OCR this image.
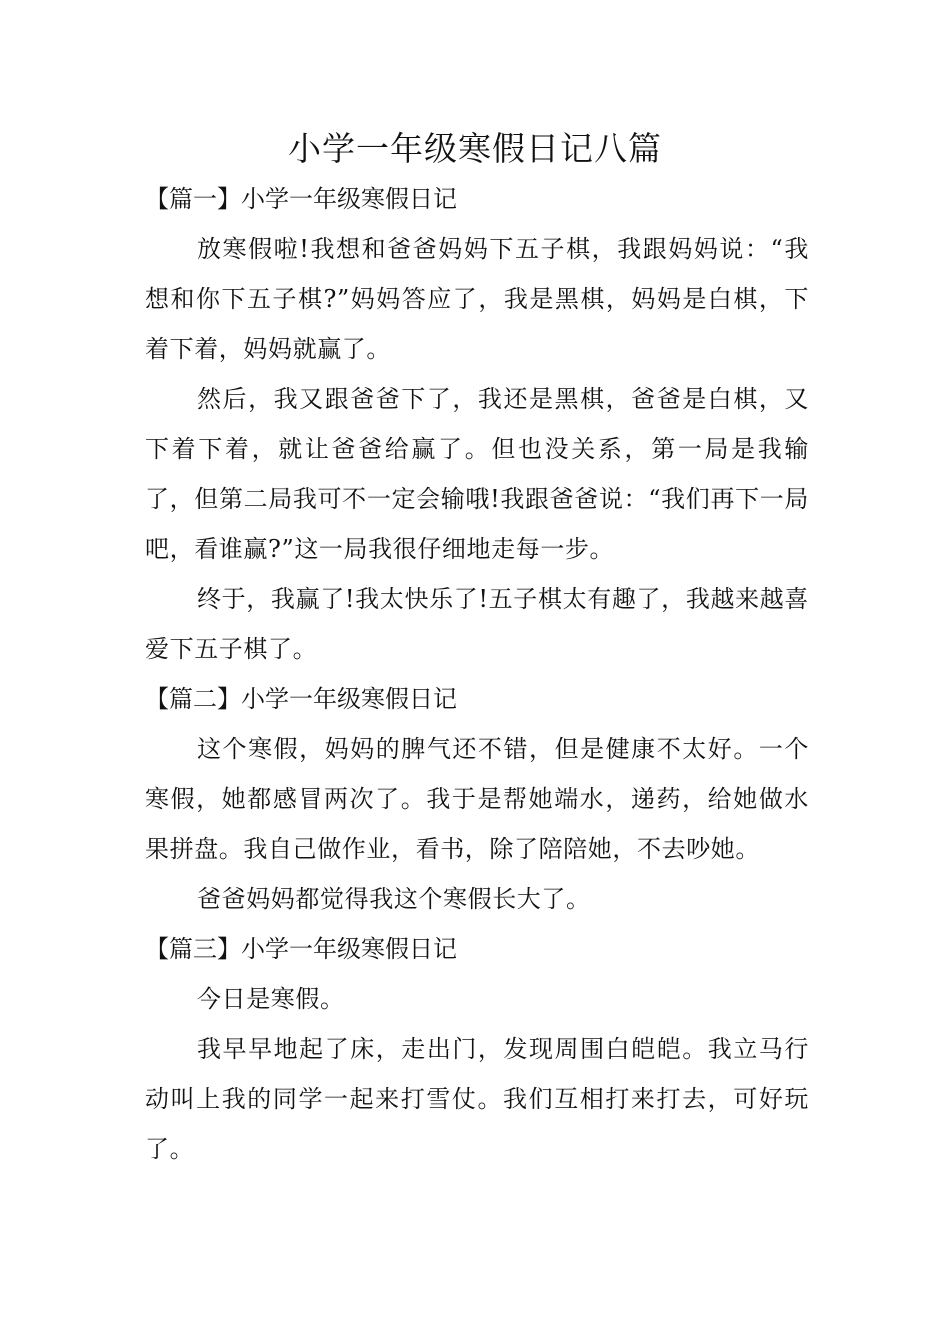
小学一年级寒假日记八篇
【篇一】小学一年级寒假日记

放寒假啦!我想和爸爸妈妈下五子棋，我跟妈妈说：“我想和你下五子棋?”妈妈答应了，我是黑棋，妈妈是白棋，下着下着，妈妈就赢了。

然后，我又跟爸爸下了，我还是黑棋，爸爸是白棋，又下着下着，就让爸爸给赢了。但也没关系，第一局是我输了，但第二局我可不一定会输哦!我跟爸爸说：“我们再下一局吧，看谁赢?”这一局我很仔细地走每一步。

终于，我赢了!我太快乐了!五子棋太有趣了，我越来越喜爱下五子棋了。

【篇二】小学一年级寒假日记

这个寒假，妈妈的脾气还不错，但是健康不太好。一个寒假，她都感冒两次了。我于是帮她端水，递药，给她做水果拼盘。我自己做作业，看书，除了陪陪她，不去吵她。

爸爸妈妈都觉得我这个寒假长大了。

【篇三】小学一年级寒假日记

今日是寒假。

我早早地起了床，走出门，发现周围白皑皑。我立马行动叫上我的同学一起来打雪仗。我们互相打来打去，可好玩了。
